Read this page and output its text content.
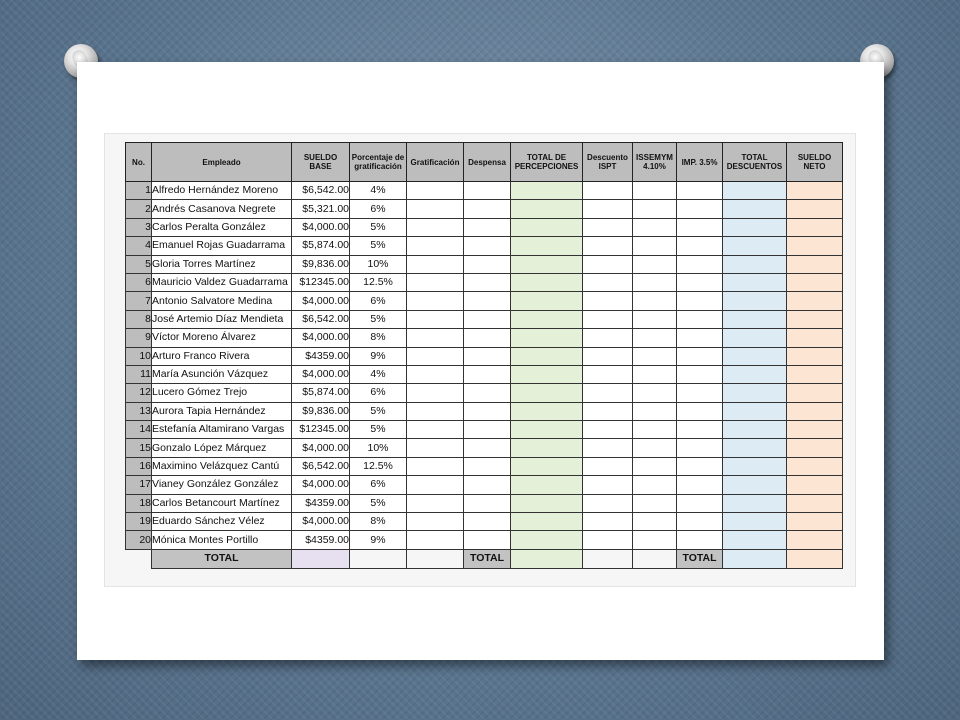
No.	Empleado	SUELDO BASE	Porcentaje de gratificación	Gratificación	Despensa	TOTAL DE PERCEPCIONES	Descuento ISPT	ISSEMYM 4.10%	IMP. 3.5%	TOTAL DESCUENTOS	SUELDO NETO
1	Alfredo Hernández Moreno	$6,542.00	4%								
2	Andrés Casanova Negrete	$5,321.00	6%								
3	Carlos Peralta González	$4,000.00	5%								
4	Emanuel Rojas Guadarrama	$5,874.00	5%								
5	Gloria Torres Martínez	$9,836.00	10%								
6	Mauricio Valdez Guadarrama	$12345.00	12.5%								
7	Antonio Salvatore Medina	$4,000.00	6%								
8	José Artemio Díaz Mendieta	$6,542.00	5%								
9	Víctor Moreno Álvarez	$4,000.00	8%								
10	Arturo Franco Rivera	$4359.00	9%								
11	María Asunción Vázquez	$4,000.00	4%								
12	Lucero Gómez Trejo	$5,874.00	6%								
13	Aurora Tapia Hernández	$9,836.00	5%								
14	Estefanía Altamirano Vargas	$12345.00	5%								
15	Gonzalo López Márquez	$4,000.00	10%								
16	Maximino Velázquez Cantú	$6,542.00	12.5%								
17	Vianey González González	$4,000.00	6%								
18	Carlos Betancourt Martínez	$4359.00	5%								
19	Eduardo Sánchez Vélez	$4,000.00	8%								
20	Mónica Montes Portillo	$4359.00	9%								
	TOTAL				TOTAL				TOTAL		
